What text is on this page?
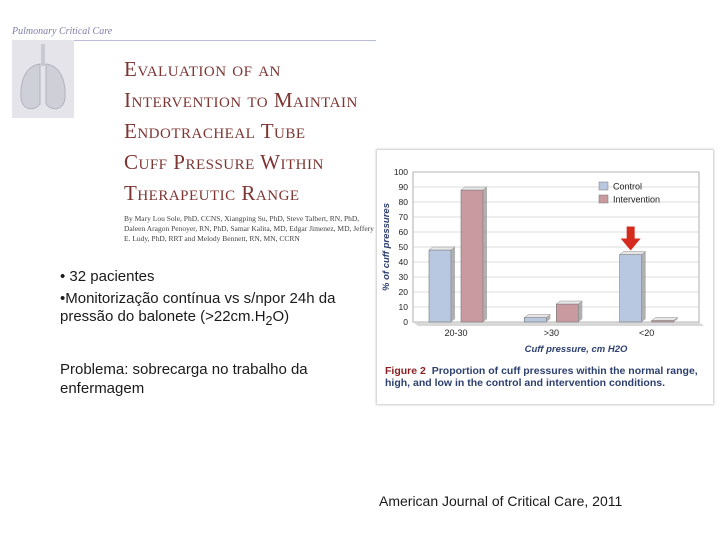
Pulmonary Critical Care
Evaluation of an
Intervention to Maintain
Endotracheal Tube
Cuff Pressure Within
Therapeutic Range
By Mary Lou Sole, PhD, CCNS, Xiangping Su, PhD, Steve Talbert, RN, PhD, Daleen Aragon Penoyer, RN, PhD, Samar Kalita, MD, Edgar Jimenez, MD, Jeffery E. Ludy, PhD, RRT and Melody Bennett, RN, MN, CCRN
• 32 pacientes
•Monitorização contínua vs s/npor 24h da pressão do balonete $(>22cm.H_2O)$
Problema: sobrecarga no trabalho da enfermagem
American Journal of Critical Care, 2011
0
10
20
30
40
50
60
70
80
90
100
% of cuff pressures
20-30	>30	<20
Cuff pressure, cm H2O
Control
Intervention
Figure 2 Proportion of cuff pressures within the normal range, high, and low in the control and intervention conditions.
